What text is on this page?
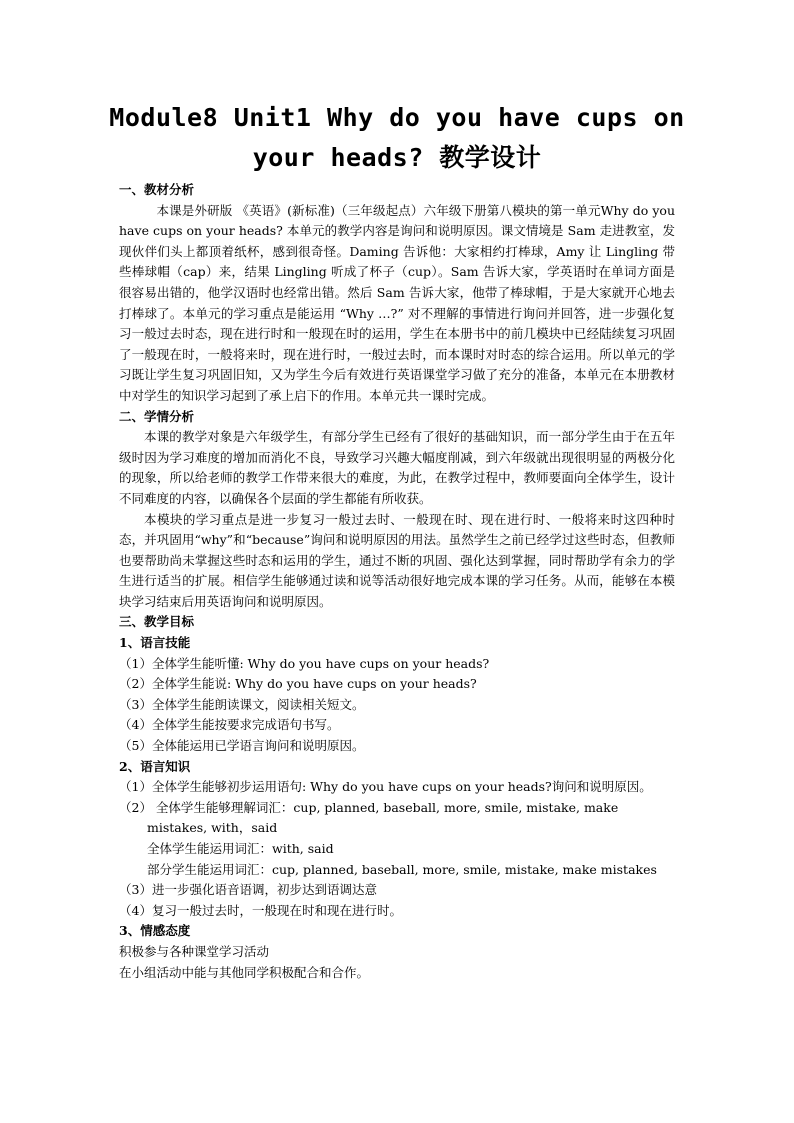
Module8 Unit1 Why do you have cups on
your heads? 教学设计

一、教材分析

本课是外研版 《英语》(新标准)（三年级起点）六年级下册第八模块的第一单元Why do you have cups on your heads? 本单元的教学内容是询问和说明原因。课文情境是 Sam 走进教室，发现伙伴们头上都顶着纸杯，感到很奇怪。Daming 告诉他：大家相约打棒球，Amy 让 Lingling 带些棒球帽（cap）来，结果 Lingling 听成了杯子（cup）。Sam 告诉大家，学英语时在单词方面是很容易出错的，他学汉语时也经常出错。然后 Sam 告诉大家，他带了棒球帽，于是大家就开心地去打棒球了。本单元的学习重点是能运用 “Why …?” 对不理解的事情进行询问并回答，进一步强化复习一般过去时态，现在进行时和一般现在时的运用，学生在本册书中的前几模块中已经陆续复习巩固了一般现在时，一般将来时，现在进行时，一般过去时，而本课时对时态的综合运用。所以单元的学习既让学生复习巩固旧知，又为学生今后有效进行英语课堂学习做了充分的准备，本单元在本册教材中对学生的知识学习起到了承上启下的作用。本单元共一课时完成。

二、学情分析

本课的教学对象是六年级学生，有部分学生已经有了很好的基础知识，而一部分学生由于在五年级时因为学习难度的增加而消化不良，导致学习兴趣大幅度削减，到六年级就出现很明显的两极分化的现象，所以给老师的教学工作带来很大的难度，为此，在教学过程中，教师要面向全体学生，设计不同难度的内容，以确保各个层面的学生都能有所收获。

本模块的学习重点是进一步复习一般过去时、一般现在时、现在进行时、一般将来时这四种时态，并巩固用“why”和“because”询问和说明原因的用法。虽然学生之前已经学过这些时态，但教师也要帮助尚未掌握这些时态和运用的学生，通过不断的巩固、强化达到掌握，同时帮助学有余力的学生进行适当的扩展。相信学生能够通过读和说等活动很好地完成本课的学习任务。从而，能够在本模块学习结束后用英语询问和说明原因。

三、教学目标

1、语言技能

（1）全体学生能听懂: Why do you have cups on your heads?

（2）全体学生能说: Why do you have cups on your heads?

（3）全体学生能朗读课文，阅读相关短文。

（4）全体学生能按要求完成语句书写。

（5）全体能运用已学语言询问和说明原因。

2、语言知识

（1）全体学生能够初步运用语句: Why do you have cups on your heads?询问和说明原因。

（2） 全体学生能够理解词汇：cup, planned, baseball, more, smile, mistake, make mistakes, with，said

全体学生能运用词汇：with, said

部分学生能运用词汇：cup, planned, baseball, more, smile, mistake, make mistakes

（3）进一步强化语音语调，初步达到语调达意

（4）复习一般过去时，一般现在时和现在进行时。

3、情感态度

积极参与各种课堂学习活动

在小组活动中能与其他同学积极配合和合作。
